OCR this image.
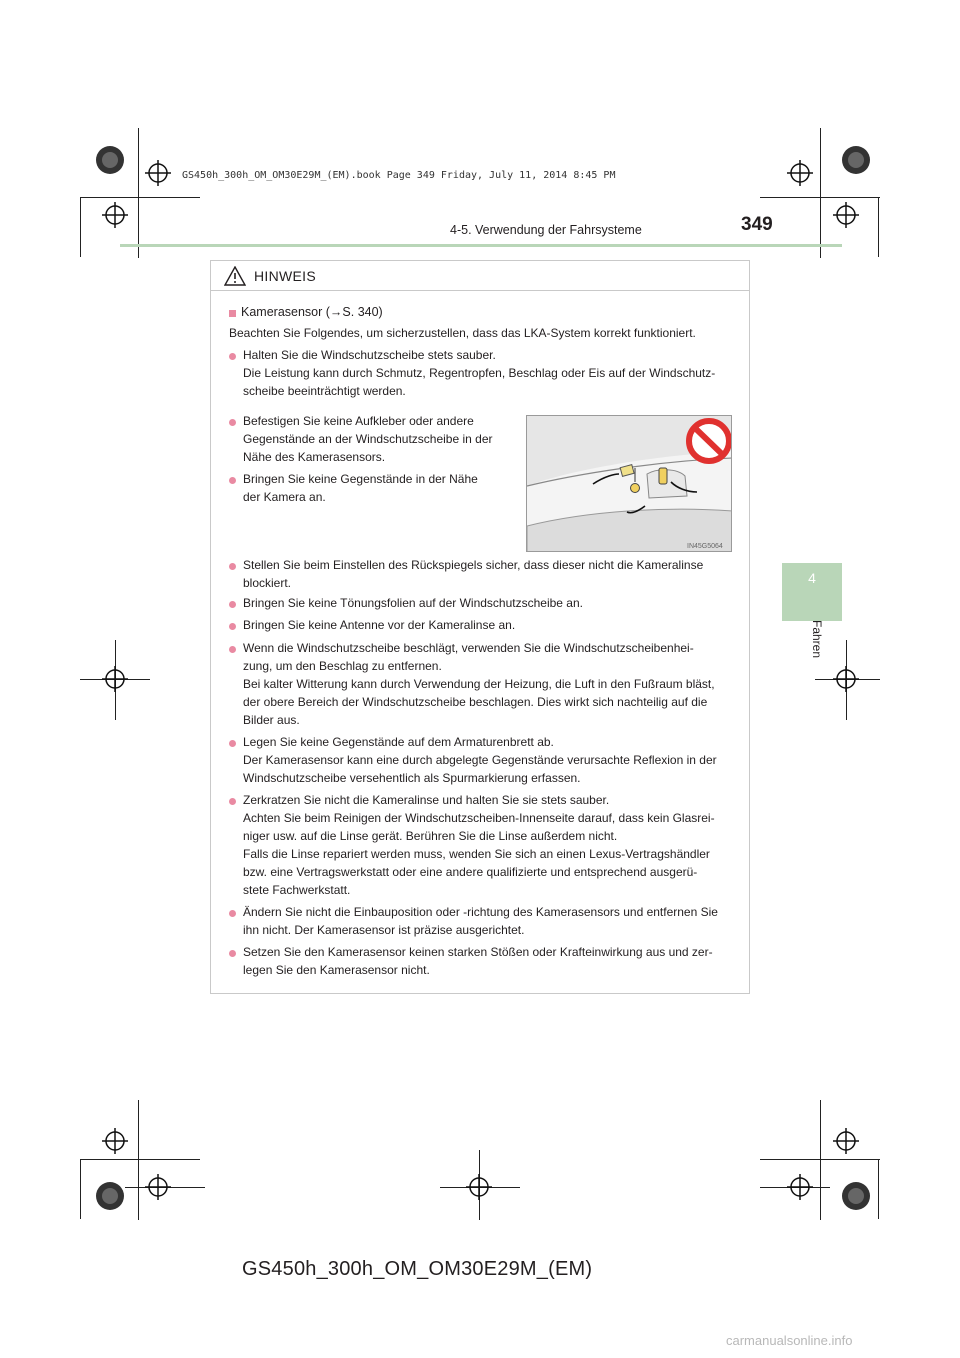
GS450h_300h_OM_OM30E29M_(EM).book Page 349 Friday, July 11, 2014 8:45 PM
4-5. Verwendung der Fahrsysteme	349
4
Fahren
HINWEIS
Kamerasensor (→S. 340)
Beachten Sie Folgendes, um sicherzustellen, dass das LKA-System korrekt funktioniert.
Halten Sie die Windschutzscheibe stets sauber.
Die Leistung kann durch Schmutz, Regentropfen, Beschlag oder Eis auf der Windschutz-
scheibe beeinträchtigt werden.
Befestigen Sie keine Aufkleber oder andere
Gegenstände an der Windschutzscheibe in der
Nähe des Kamerasensors.
Bringen Sie keine Gegenstände in der Nähe
der Kamera an.
IN45G5064
Stellen Sie beim Einstellen des Rückspiegels sicher, dass dieser nicht die Kameralinse
blockiert.
Bringen Sie keine Tönungsfolien auf der Windschutzscheibe an.
Bringen Sie keine Antenne vor der Kameralinse an.
Wenn die Windschutzscheibe beschlägt, verwenden Sie die Windschutzscheibenhei-
zung, um den Beschlag zu entfernen.
Bei kalter Witterung kann durch Verwendung der Heizung, die Luft in den Fußraum bläst,
der obere Bereich der Windschutzscheibe beschlagen. Dies wirkt sich nachteilig auf die
Bilder aus.
Legen Sie keine Gegenstände auf dem Armaturenbrett ab.
Der Kamerasensor kann eine durch abgelegte Gegenstände verursachte Reflexion in der
Windschutzscheibe versehentlich als Spurmarkierung erfassen.
Zerkratzen Sie nicht die Kameralinse und halten Sie sie stets sauber.
Achten Sie beim Reinigen der Windschutzscheiben-Innenseite darauf, dass kein Glasrei-
niger usw. auf die Linse gerät. Berühren Sie die Linse außerdem nicht.
Falls die Linse repariert werden muss, wenden Sie sich an einen Lexus-Vertragshändler
bzw. eine Vertragswerkstatt oder eine andere qualifizierte und entsprechend ausgerü-
stete Fachwerkstatt.
Ändern Sie nicht die Einbauposition oder -richtung des Kamerasensors und entfernen Sie
ihn nicht. Der Kamerasensor ist präzise ausgerichtet.
Setzen Sie den Kamerasensor keinen starken Stößen oder Krafteinwirkung aus und zer-
legen Sie den Kamerasensor nicht.
GS450h_300h_OM_OM30E29M_(EM)
carmanualsonline.info
